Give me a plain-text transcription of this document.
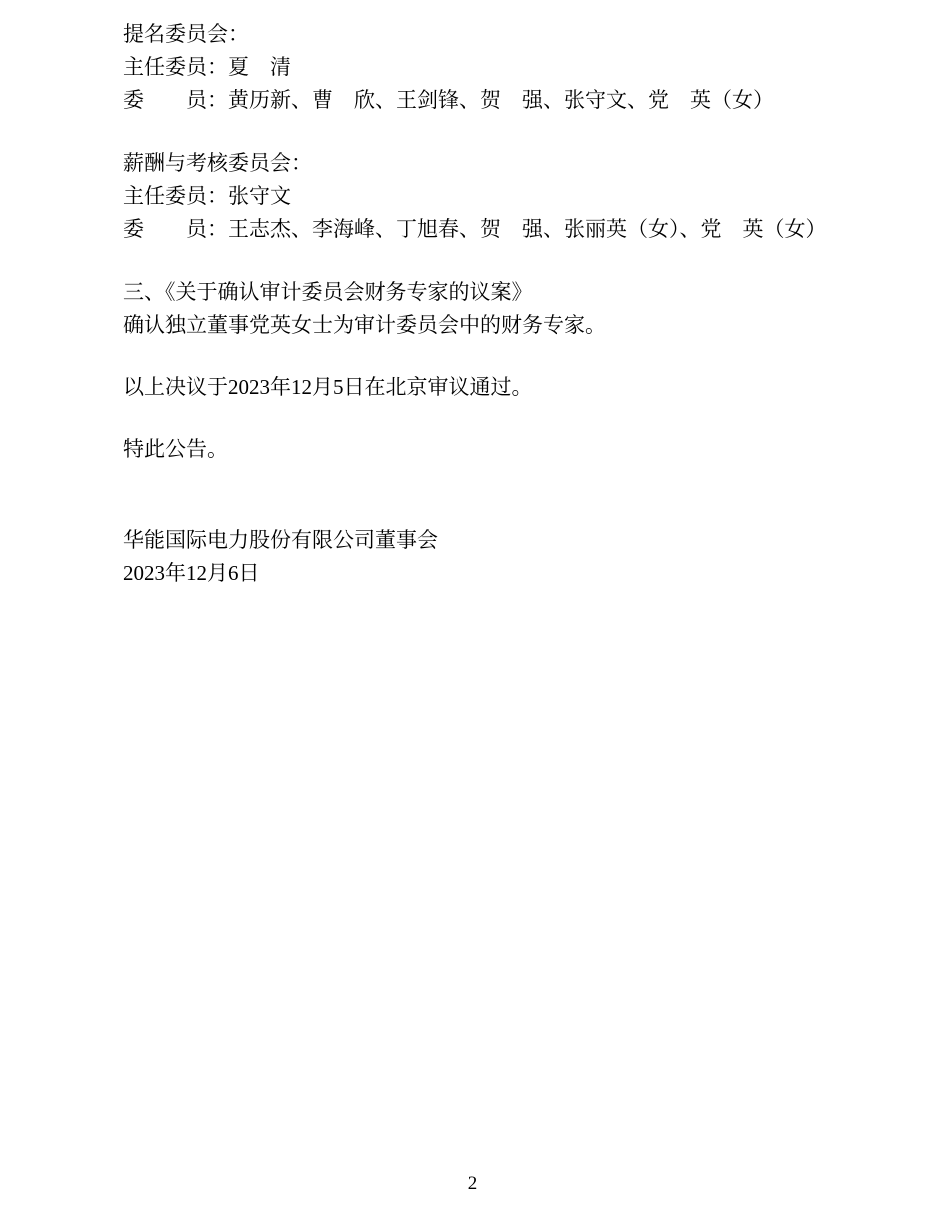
提名委员会：

主任委员：夏　清

委　　员：黄历新、曹　欣、王剑锋、贺　强、张守文、党　英（女）

薪酬与考核委员会：

主任委员：张守文

委　　员：王志杰、李海峰、丁旭春、贺　强、张丽英（女）、党　英（女）

三、《关于确认审计委员会财务专家的议案》

确认独立董事党英女士为审计委员会中的财务专家。

以上决议于2023年12月5日在北京审议通过。

特此公告。

华能国际电力股份有限公司董事会

2023年12月6日

2
